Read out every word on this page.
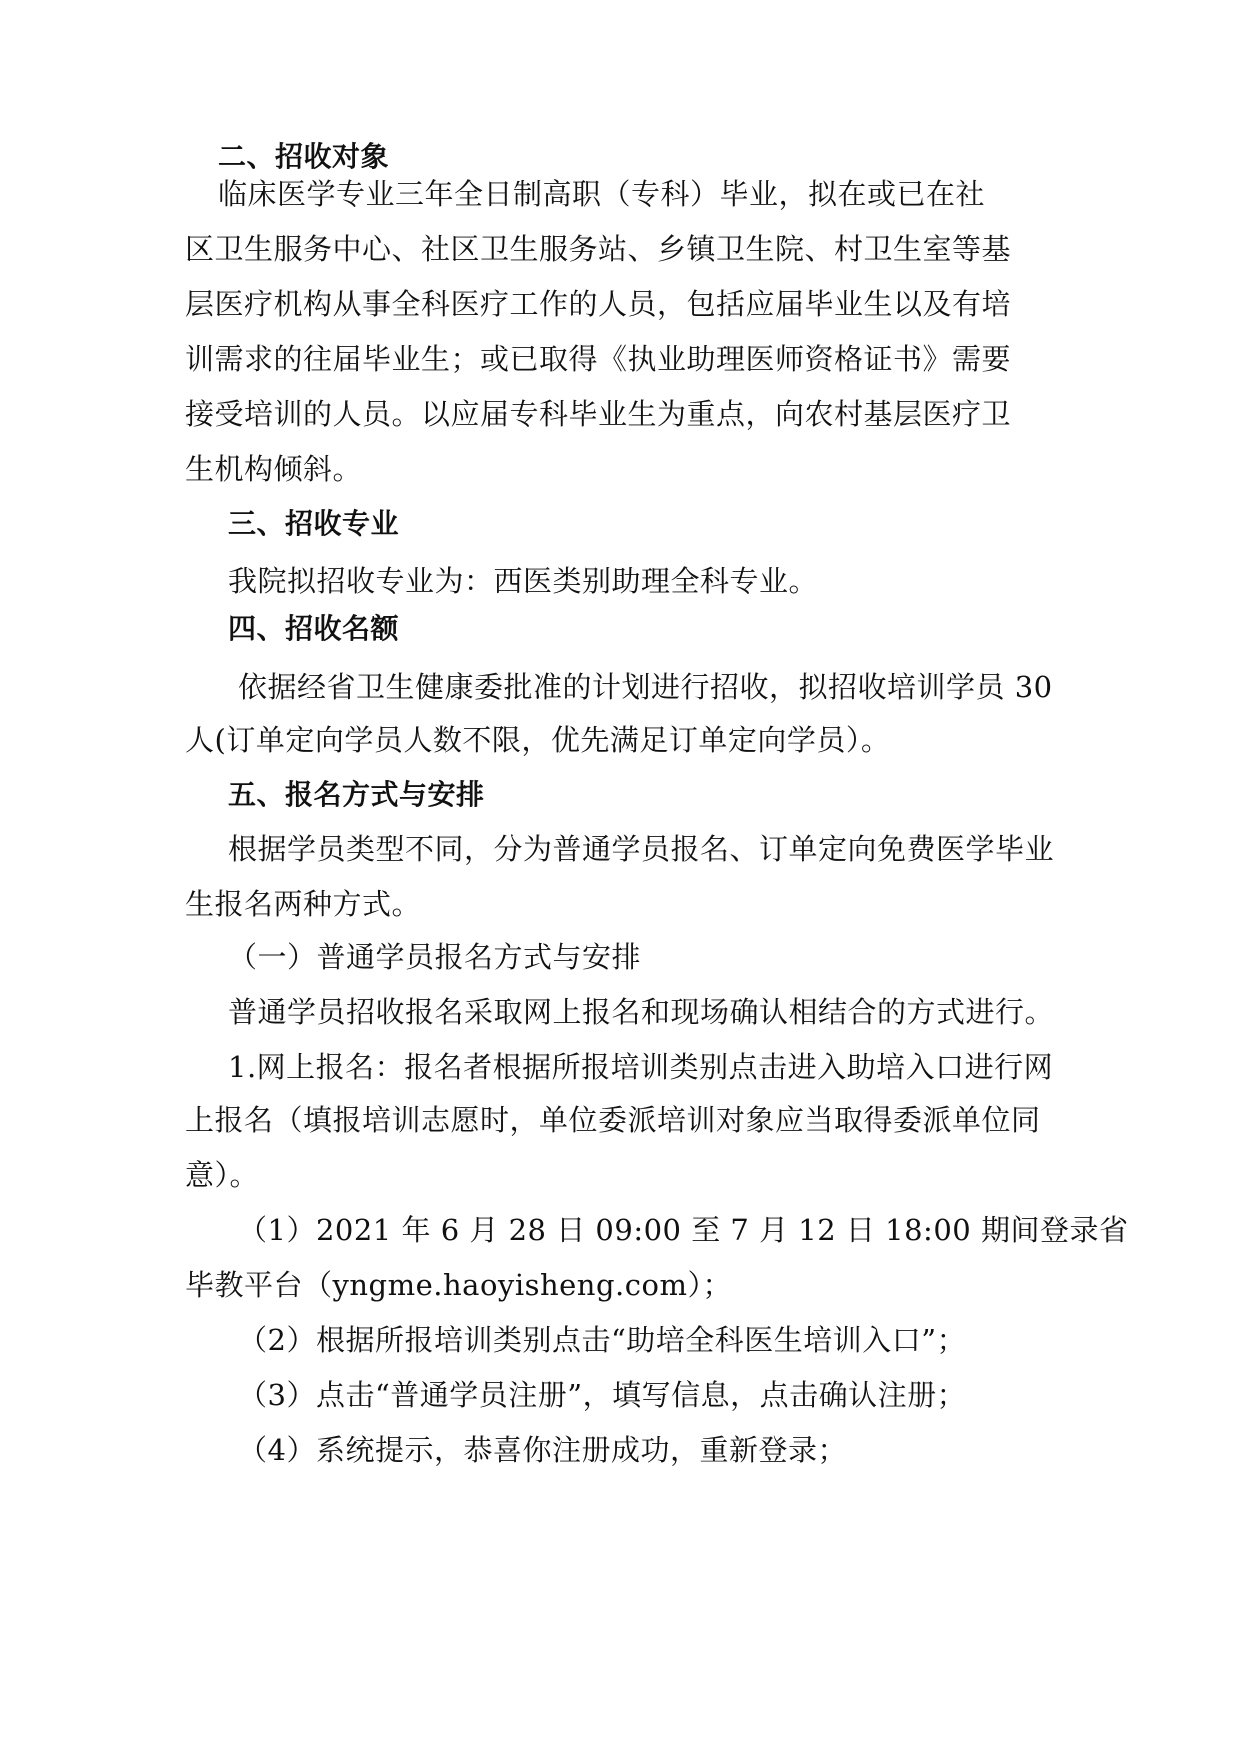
二、招收对象
临床医学专业三年全日制高职（专科）毕业，拟在或已在社
区卫生服务中心、社区卫生服务站、乡镇卫生院、村卫生室等基
层医疗机构从事全科医疗工作的人员，包括应届毕业生以及有培
训需求的往届毕业生；或已取得《执业助理医师资格证书》需要
接受培训的人员。以应届专科毕业生为重点，向农村基层医疗卫
生机构倾斜。
三、招收专业
我院拟招收专业为：西医类别助理全科专业。
四、招收名额
依据经省卫生健康委批准的计划进行招收，拟招收培训学员 30
人(订单定向学员人数不限，优先满足订单定向学员）。
五、报名方式与安排
根据学员类型不同，分为普通学员报名、订单定向免费医学毕业
生报名两种方式。
（一）普通学员报名方式与安排
普通学员招收报名采取网上报名和现场确认相结合的方式进行。
1.网上报名：报名者根据所报培训类别点击进入助培入口进行网
上报名（填报培训志愿时，单位委派培训对象应当取得委派单位同
意）。
（1）2021 年 6 月 28 日 09:00 至 7 月 12 日 18:00 期间登录省
毕教平台（yngme.haoyisheng.com）；
（2）根据所报培训类别点击“助培全科医生培训入口”；
（3）点击“普通学员注册”，填写信息，点击确认注册；
（4）系统提示，恭喜你注册成功，重新登录；
